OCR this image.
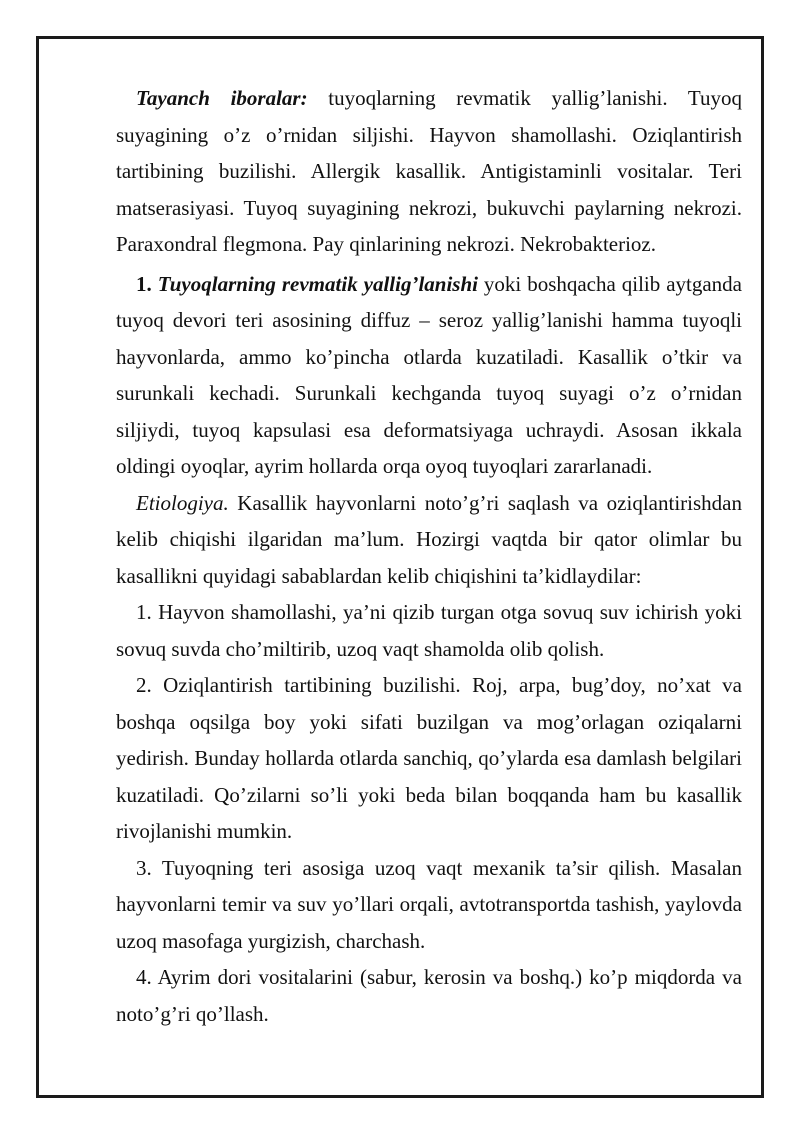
Tayanch iboralar: tuyoqlarning revmatik yallig’lanishi. Tuyoq suyagining o’z o’rnidan siljishi. Hayvon shamollashi. Oziqlantirish tartibining buzilishi. Allergik kasallik. Antigistaminli vositalar. Teri matserasiyasi. Tuyoq suyagining nekrozi, bukuvchi paylarning nekrozi. Paraxondral flegmona. Pay qinlarining nekrozi. Nekrobakterioz.

1. Tuyoqlarning revmatik yallig’lanishi yoki boshqacha qilib aytganda tuyoq devori teri asosining diffuz – seroz yallig’lanishi hamma tuyoqli hayvonlarda, ammo ko’pincha otlarda kuzatiladi. Kasallik o’tkir va surunkali kechadi. Surunkali kechganda tuyoq suyagi o’z o’rnidan siljiydi, tuyoq kapsulasi esa deformatsiyaga uchraydi. Asosan ikkala oldingi oyoqlar, ayrim hollarda orqa oyoq tuyoqlari zararlanadi.

Etiologiya. Kasallik hayvonlarni noto’g’ri saqlash va oziqlantirishdan kelib chiqishi ilgaridan ma’lum. Hozirgi vaqtda bir qator olimlar bu kasallikni quyidagi sabablardan kelib chiqishini ta’kidlaydilar:

1. Hayvon shamollashi, ya’ni qizib turgan otga sovuq suv ichirish yoki sovuq suvda cho’miltirib, uzoq vaqt shamolda olib qolish.

2. Oziqlantirish tartibining buzilishi. Roj, arpa, bug’doy, no’xat va boshqa oqsilga boy yoki sifati buzilgan va mog’orlagan oziqalarni yedirish. Bunday hollarda otlarda sanchiq, qo’ylarda esa damlash belgilari kuzatiladi. Qo’zilarni so’li yoki beda bilan boqqanda ham bu kasallik rivojlanishi mumkin.

3. Tuyoqning teri asosiga uzoq vaqt mexanik ta’sir qilish. Masalan hayvonlarni temir va suv yo’llari orqali, avtotransportda tashish, yaylovda uzoq masofaga yurgizish, charchash.

4. Ayrim dori vositalarini (sabur, kerosin va boshq.) ko’p miqdorda va noto’g’ri qo’llash.
